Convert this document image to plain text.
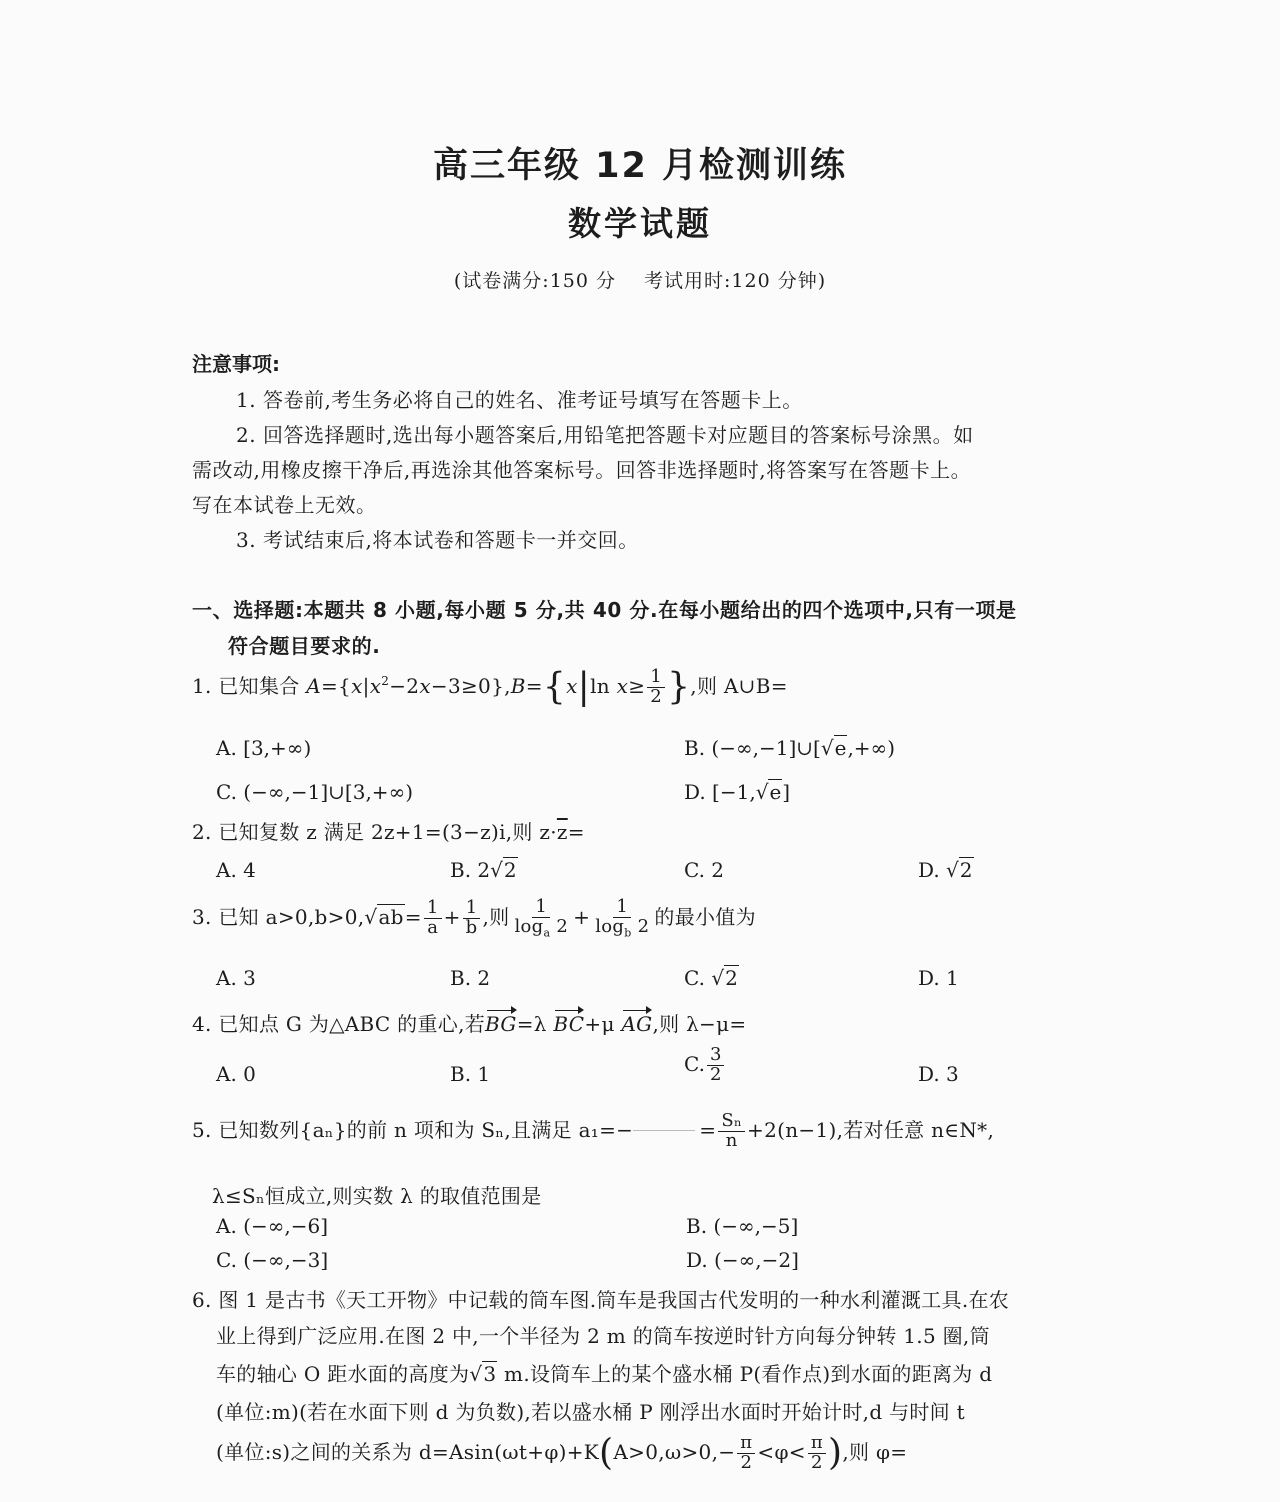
高三年级 12 月检测训练
数学试题
(试卷满分:150 分 考试用时:120 分钟)
注意事项:
1. 答卷前,考生务必将自己的姓名、准考证号填写在答题卡上。
2. 回答选择题时,选出每小题答案后,用铅笔把答题卡对应题目的答案标号涂黑。如
需改动,用橡皮擦干净后,再选涂其他答案标号。回答非选择题时,将答案写在答题卡上。
写在本试卷上无效。
3. 考试结束后,将本试卷和答题卡一并交回。
一、选择题:本题共 8 小题,每小题 5 分,共 40 分.在每小题给出的四个选项中,只有一项是
符合题目要求的.
1. 已知集合 $A=\{x|x^2-2x-3\ge 0\},B=\{x|\ln$ $x\ge \frac{1}{2}$ },则 A∪B=
A. [3,+∞)	B. (−∞,−1]∪[√e,+∞)
C. (−∞,−1]∪[3,+∞)	D. [−1,√e]
2. 已知复数 z 满足 2z+1=(3−z)i,则 $z\cdot\overline{z}=$
A. 4	B. 2√2	C. 2	D. √2
3. 已知 $a>0,b>0,√ab= \frac{1}{a} + \frac{1}{b}$ ,则 $\frac{1}{\log_a 2} + \frac{1}{\log_b 2}$ 的最小值为
A. 3	B. 2	C. √2	D. 1
4. 已知点 G 为△ABC 的重心,若BG=λ BC+μ AG,则 λ−μ=
A. 0	B. 1	C. $\frac{3}{2}$	D. 3
5. 已知数列{aₙ}的前 n 项和为 Sₙ,且满足 a₁=−	= $\frac{\text{Sₙ}}{n} +2(n-1)$,若对任意 n∈N*,
λ≤Sₙ恒成立,则实数 λ 的取值范围是
A. (−∞,−6]	B. (−∞,−5]
C. (−∞,−3]	D. (−∞,−2]
6. 图 1 是古书《天工开物》中记载的筒车图.筒车是我国古代发明的一种水利灌溉工具.在农
业上得到广泛应用.在图 2 中,一个半径为 2 m 的筒车按逆时针方向每分钟转 1.5 圈,筒
车的轴心 O 距水面的高度为√3 m.设筒车上的某个盛水桶 P(看作点)到水面的距离为 d
(单位:m)(若在水面下则 d 为负数),若以盛水桶 P 刚浮出水面时开始计时,d 与时间 t
(单位:s)之间的关系为 $d=Asin(\omega t+\varphi)+K(A>0,\omega>0,- \frac{\pi}{2} <\varphi< \frac{\pi}{2}$ ),则 φ=
